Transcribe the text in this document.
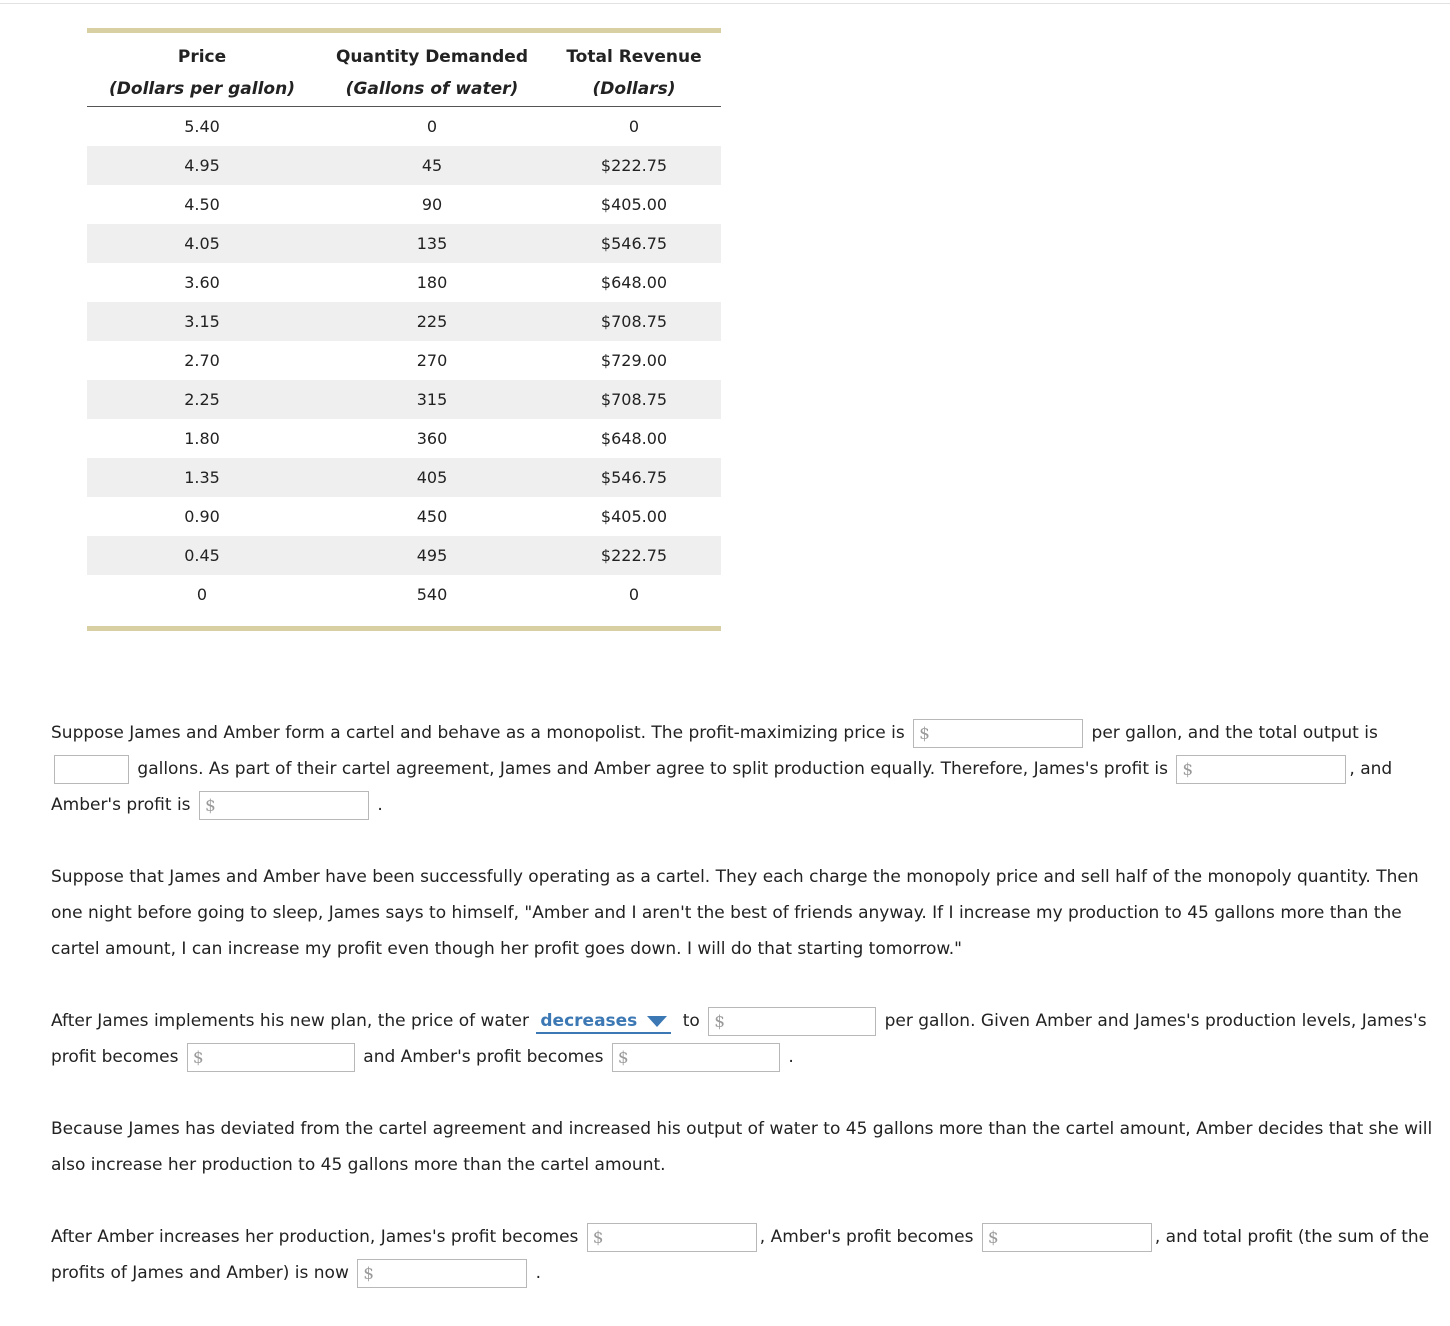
Price	Quantity Demanded	Total Revenue
(Dollars per gallon)	(Gallons of water)	(Dollars)
5.40	0	0
4.95	45	$222.75
4.50	90	$405.00
4.05	135	$546.75
3.60	180	$648.00
3.15	225	$708.75
2.70	270	$729.00
2.25	315	$708.75
1.80	360	$648.00
1.35	405	$546.75
0.90	450	$405.00
0.45	495	$222.75
0	540	0
Suppose James and Amber form a cartel and behave as a monopolist. The profit-maximizing price is $	per gallon, and the total output is  gallons. As part of their cartel agreement, James and Amber agree to split production equally. Therefore, James's profit is $	, and Amber's profit is $	.
Suppose that James and Amber have been successfully operating as a cartel. They each charge the monopoly price and sell half of the monopoly quantity. Then one night before going to sleep, James says to himself, "Amber and I aren't the best of friends anyway. If I increase my production to 45 gallons more than the cartel amount, I can increase my profit even though her profit goes down. I will do that starting tomorrow."
After James implements his new plan, the price of water decreases	to $	per gallon. Given Amber and James's production levels, James's profit becomes $	and Amber's profit becomes $	.
Because James has deviated from the cartel agreement and increased his output of water to 45 gallons more than the cartel amount, Amber decides that she will also increase her production to 45 gallons more than the cartel amount.
After Amber increases her production, James's profit becomes $	, Amber's profit becomes $	, and total profit (the sum of the profits of James and Amber) is now $	.
